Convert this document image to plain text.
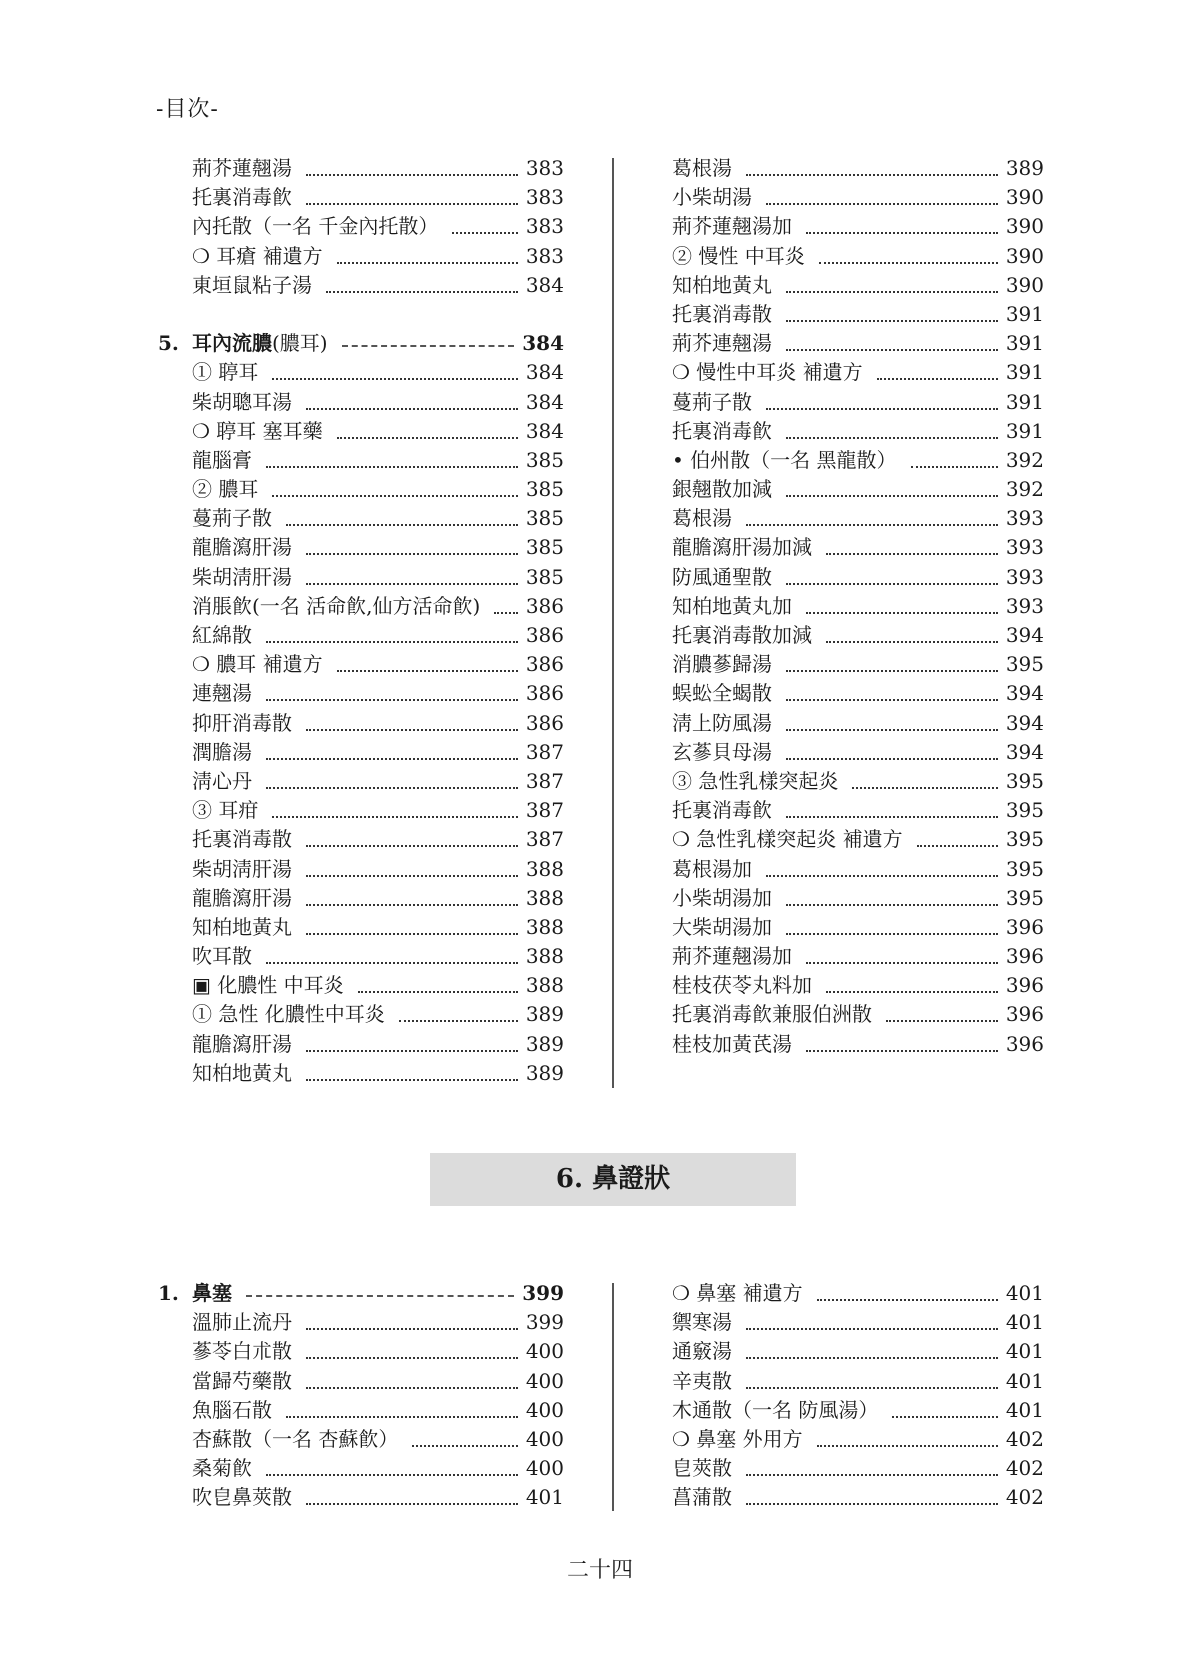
-目次-
荊芥蓮翹湯	383
托裏消毒飮	383
內托散（一名 千金內托散）	383
❍ 耳瘡 補遺方	383
東垣鼠粘子湯	384
5. 耳內流膿(膿耳)	384
① 聤耳	384
柴胡聰耳湯	384
❍ 聤耳 塞耳藥	384
龍腦膏	385
② 膿耳	385
蔓荊子散	385
龍膽瀉肝湯	385
柴胡淸肝湯	385
消脹飮(一名 活命飮,仙方活命飮) 386
紅綿散	386
❍ 膿耳 補遺方	386
連翹湯	386
抑肝消毒散	386
潤膽湯	387
淸心丹	387
③ 耳疳	387
托裏消毒散	387
柴胡淸肝湯	388
龍膽瀉肝湯	388
知柏地黃丸	388
吹耳散	388
▣ 化膿性 中耳炎	388
① 急性 化膿性中耳炎	389
龍膽瀉肝湯	389
知柏地黃丸	389
葛根湯	389
小柴胡湯	390
荊芥蓮翹湯加	390
② 慢性 中耳炎	390
知柏地黃丸	390
托裏消毒散	391
荊芥連翹湯	391
❍ 慢性中耳炎 補遺方	391
蔓荊子散	391
托裏消毒飮	391
• 伯州散（一名 黑龍散）	392
銀翹散加減	392
葛根湯	393
龍膽瀉肝湯加減	393
防風通聖散	393
知柏地黃丸加	393
托裏消毒散加減	394
消膿蔘歸湯	395
蜈蚣全蝎散	394
淸上防風湯	394
玄蔘貝母湯	394
③ 急性乳樣突起炎	395
托裏消毒飮	395
❍ 急性乳樣突起炎 補遺方	395
葛根湯加	395
小柴胡湯加	395
大柴胡湯加	396
荊芥蓮翹湯加	396
桂枝茯苓丸料加	396
托裏消毒飮兼服伯洲散	396
桂枝加黃芪湯	396
6. 鼻證狀
1. 鼻塞	399
溫肺止流丹	399
蔘苓白朮散	400
當歸芍藥散	400
魚腦石散	400
杏蘇散（一名 杏蘇飮）	400
桑菊飮	400
吹皀鼻莢散	401
❍ 鼻塞 補遺方	401
禦寒湯	401
通竅湯	401
辛夷散	401
木通散（一名 防風湯）	401
❍ 鼻塞 外用方	402
皀莢散	402
菖蒲散	402
二十四
